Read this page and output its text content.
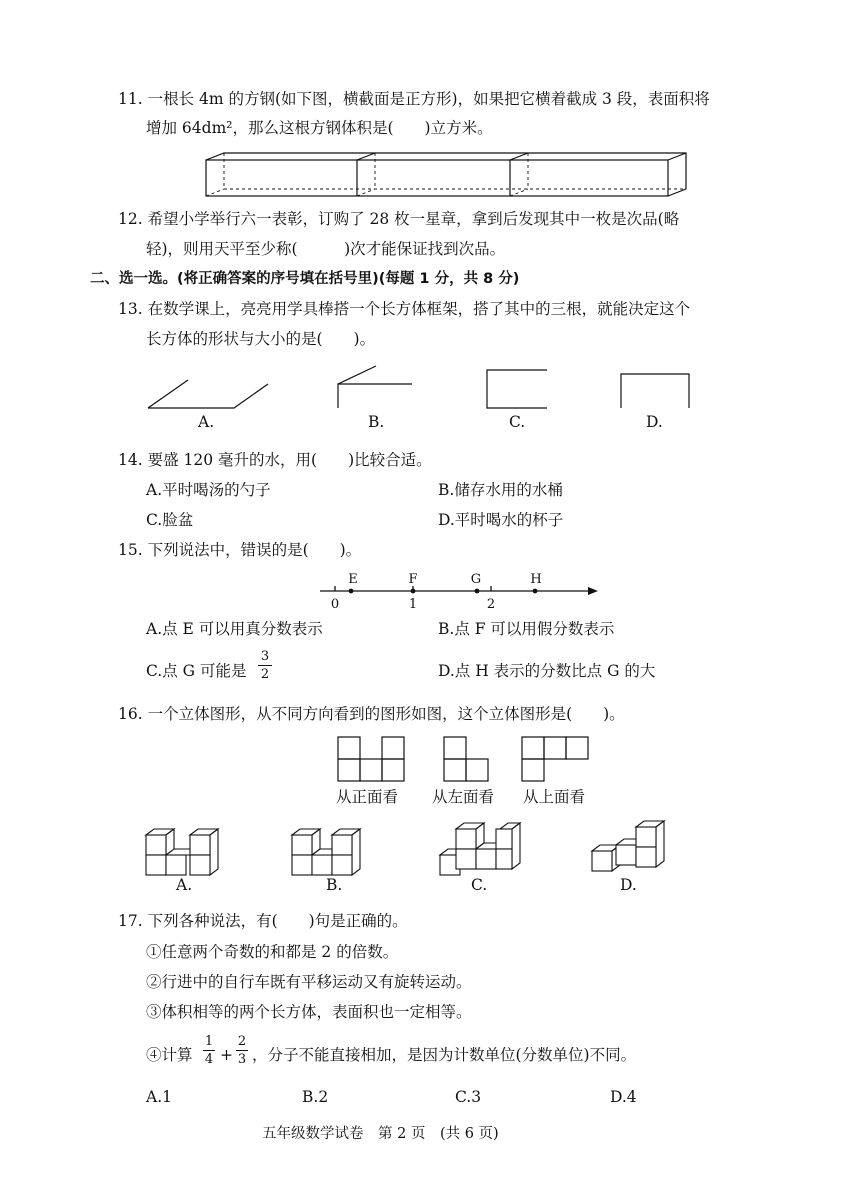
11. 一根长 4m 的方钢(如下图，横截面是正方形)，如果把它横着截成 3 段，表面积将
增加 64dm²，那么这根方钢体积是(　　)立方米。
12. 希望小学举行六一表彰，订购了 28 枚一星章，拿到后发现其中一枚是次品(略
轻)，则用天平至少称(　　　)次才能保证找到次品。
二、选一选。(将正确答案的序号填在括号里)(每题 1 分，共 8 分)
13. 在数学课上，亮亮用学具棒搭一个长方体框架，搭了其中的三根，就能决定这个
长方体的形状与大小的是(　　)。
A.	B.	C.	D.
14. 要盛 120 毫升的水，用(　　)比较合适。
A.平时喝汤的勺子	B.储存水用的水桶
C.脸盆	D.平时喝水的杯子
15. 下列说法中，错误的是(　　)。
E	F	G	H
0	1	2
A.点 E 可以用真分数表示	B.点 F 可以用假分数表示
C.点 G 可能是
3
2	D.点 H 表示的分数比点 G 的大
16. 一个立体图形，从不同方向看到的图形如图，这个立体图形是(　　)。
从正面看 从左面看 从上面看
A.	B.	C.	D.
17. 下列各种说法，有(　　)句是正确的。
①任意两个奇数的和都是 2 的倍数。
②行进中的自行车既有平移运动又有旋转运动。
③体积相等的两个长方体，表面积也一定相等。
④计算
1
4 +
2
3 ，分子不能直接相加，是因为计数单位(分数单位)不同。
A.1	B.2	C.3	D.4
五年级数学试卷　第 2 页　(共 6 页)
